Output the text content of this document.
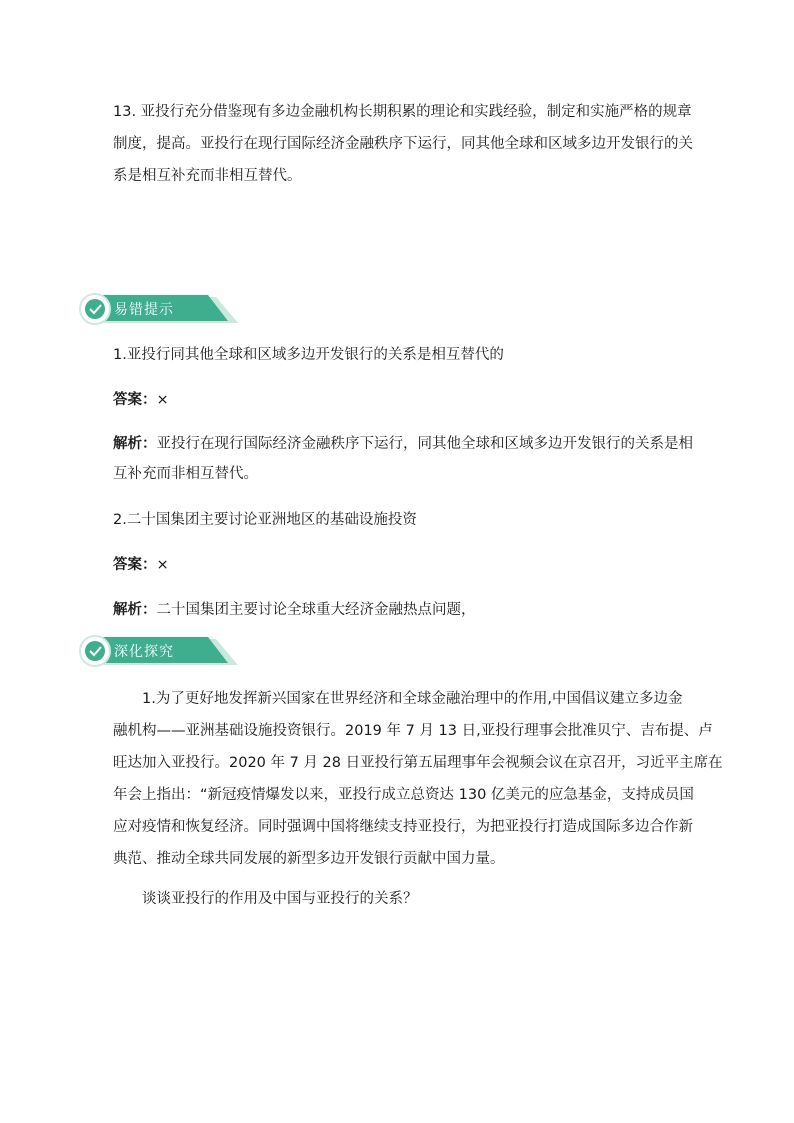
13. 亚投行充分借鉴现有多边金融机构长期积累的理论和实践经验，制定和实施严格的规章
制度，提高。亚投行在现行国际经济金融秩序下运行，同其他全球和区域多边开发银行的关
系是相互补充而非相互替代。
易错提示
1.亚投行同其他全球和区域多边开发银行的关系是相互替代的
答案：×
解析：亚投行在现行国际经济金融秩序下运行，同其他全球和区域多边开发银行的关系是相
互补充而非相互替代。
2.二十国集团主要讨论亚洲地区的基础设施投资
答案：×
解析：二十国集团主要讨论全球重大经济金融热点问题，
深化探究
1.为了更好地发挥新兴国家在世界经济和全球金融治理中的作用,中国倡议建立多边金
融机构——亚洲基础设施投资银行。2019 年 7 月 13 日,亚投行理事会批准贝宁、吉布提、卢
旺达加入亚投行。2020 年 7 月 28 日亚投行第五届理事年会视频会议在京召开，习近平主席在
年会上指出：“新冠疫情爆发以来，亚投行成立总资达 130 亿美元的应急基金，支持成员国
应对疫情和恢复经济。同时强调中国将继续支持亚投行，为把亚投行打造成国际多边合作新
典范、推动全球共同发展的新型多边开发银行贡献中国力量。
谈谈亚投行的作用及中国与亚投行的关系？
